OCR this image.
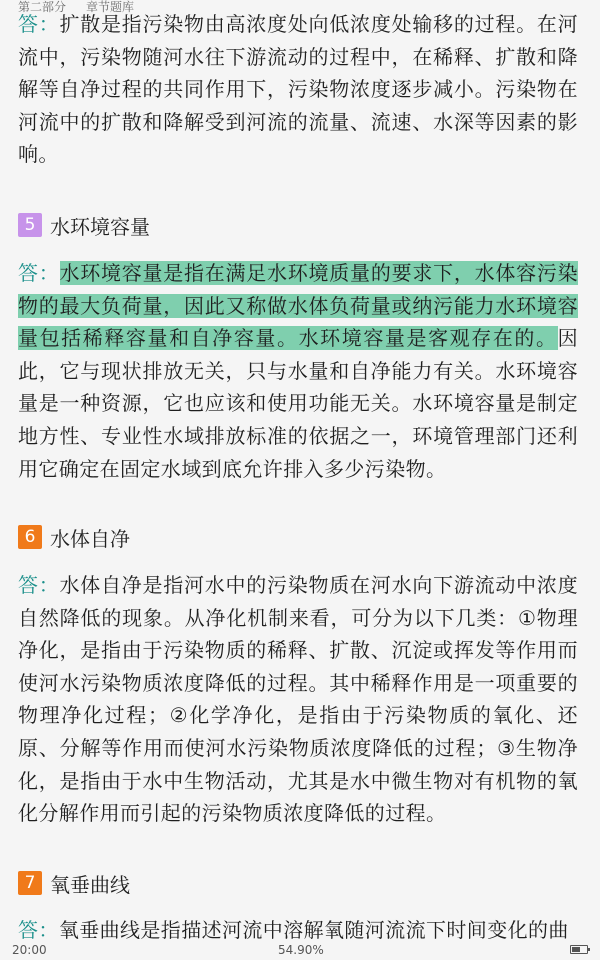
第二部分 章节题库

答：扩散是指污染物由高浓度处向低浓度处输移的过程。在河流中，污染物随河水往下游流动的过程中，在稀释、扩散和降解等自净过程的共同作用下，污染物浓度逐步减小。污染物在河流中的扩散和降解受到河流的流量、流速、水深等因素的影响。

5 水环境容量

答：水环境容量是指在满足水环境质量的要求下，水体容污染物的最大负荷量，因此又称做水体负荷量或纳污能力水环境容量包括稀释容量和自净容量。水环境容量是客观存在的。因此，它与现状排放无关，只与水量和自净能力有关。水环境容量是一种资源，它也应该和使用功能无关。水环境容量是制定地方性、专业性水域排放标准的依据之一，环境管理部门还利用它确定在固定水域到底允许排入多少污染物。

6 水体自净

答：水体自净是指河水中的污染物质在河水向下游流动中浓度自然降低的现象。从净化机制来看，可分为以下几类：①物理净化，是指由于污染物质的稀释、扩散、沉淀或挥发等作用而使河水污染物质浓度降低的过程。其中稀释作用是一项重要的物理净化过程；②化学净化，是指由于污染物质的氧化、还原、分解等作用而使河水污染物质浓度降低的过程；③生物净化，是指由于水中生物活动，尤其是水中微生物对有机物的氧化分解作用而引起的污染物质浓度降低的过程。

7 氧垂曲线

答：氧垂曲线是指描述河流中溶解氧随河流流下时间变化的曲

20:00	54.90%
